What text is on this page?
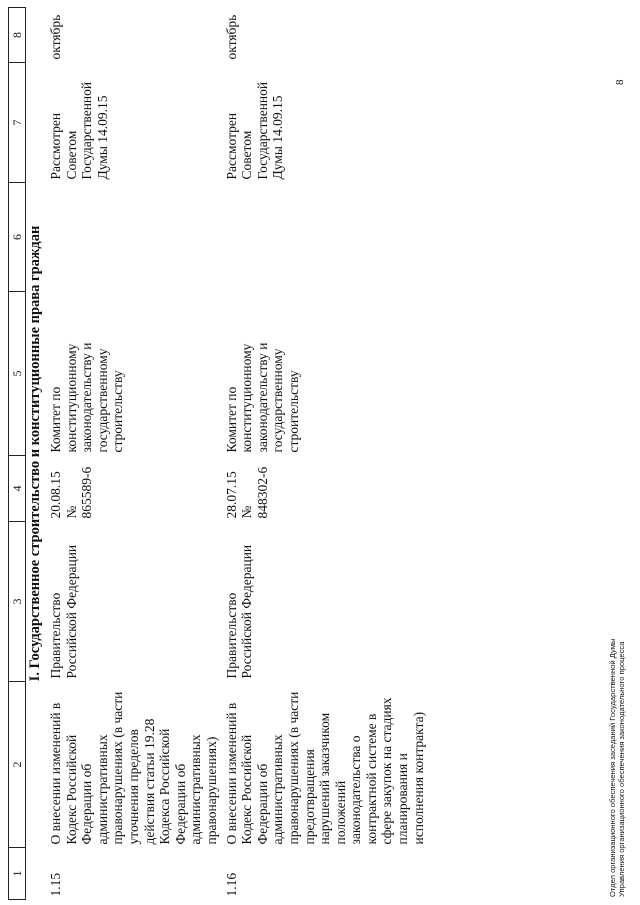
1	2	3	4	5	6	7	8
I. Государственное строительство и конституционные права граждан							
1.15	О внесении изменений в Кодекс Российской Федерации об административных правонарушениях (в части уточнения пределов действия статьи 19.28 Кодекса Российской Федерации об административных правонарушениях)	Правительство Российской Федерации	20.08.15 № 865589-6	Комитет по конституционному законодательству и государственному строительству		Рассмотрен Советом Государственной Думы 14.09.15	октябрь
1.16	О внесении изменений в Кодекс Российской Федерации об административных правонарушениях (в части предотвращения нарушений заказчиком положений законодательства о контрактной системе в сфере закупок на стадиях планирования и исполнения контракта)	Правительство Российской Федерации	28.07.15 № 848302-6	Комитет по конституционному законодательству и государственному строительству		Рассмотрен Советом Государственной Думы 14.09.15	октябрь
Отдел организационного обеспечения заседаний Государственной Думы Управления организационного обеспечения законодательного процесса
8
